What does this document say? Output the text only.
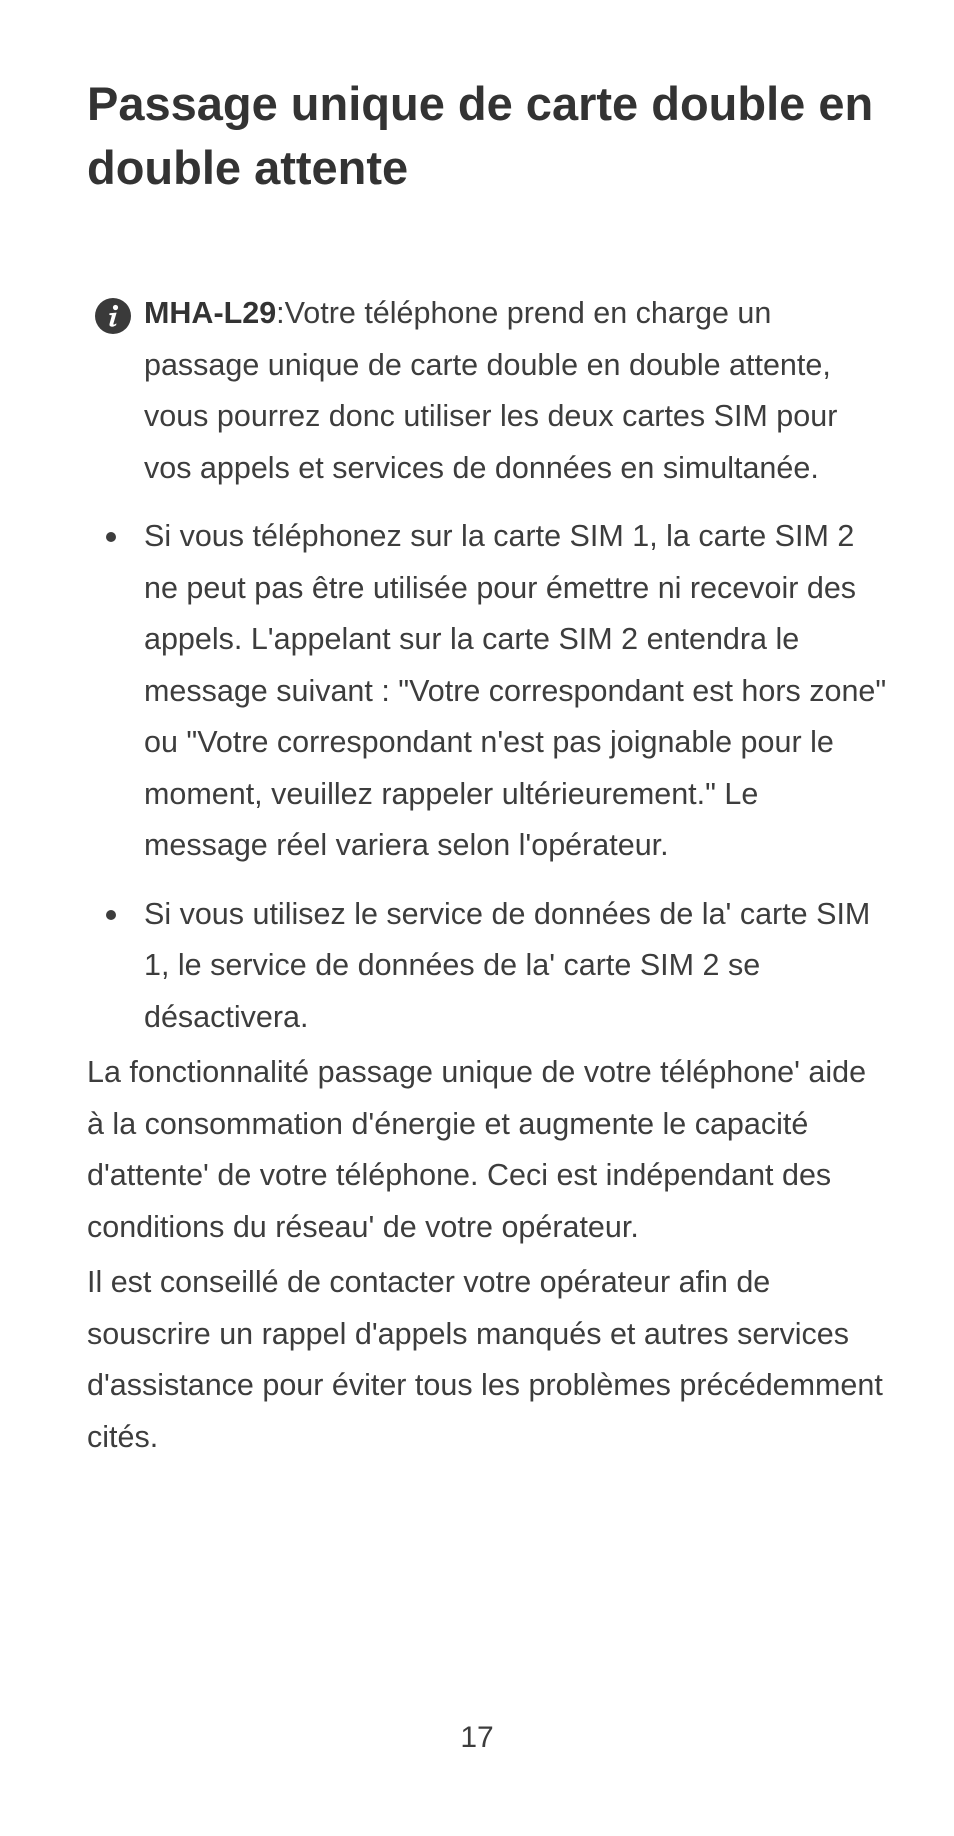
Passage unique de carte double en double attente
MHA-L29:Votre téléphone prend en charge un passage unique de carte double en double attente, vous pourrez donc utiliser les deux cartes SIM pour vos appels et services de données en simultanée.
Si vous téléphonez sur la carte SIM 1, la carte SIM 2 ne peut pas être utilisée pour émettre ni recevoir des appels. L'appelant sur la carte SIM 2 entendra le message suivant : "Votre correspondant est hors zone" ou "Votre correspondant n'est pas joignable pour le moment, veuillez rappeler ultérieurement." Le message réel variera selon l'opérateur.
Si vous utilisez le service de données de la' carte SIM 1, le service de données de la' carte SIM 2 se désactivera.

La fonctionnalité passage unique de votre téléphone' aide à la consommation d'énergie et augmente le capacité d'attente' de votre téléphone. Ceci est indépendant des conditions du réseau' de votre opérateur.

Il est conseillé de contacter votre opérateur afin de souscrire un rappel d'appels manqués et autres services d'assistance pour éviter tous les problèmes précédemment cités.

17
